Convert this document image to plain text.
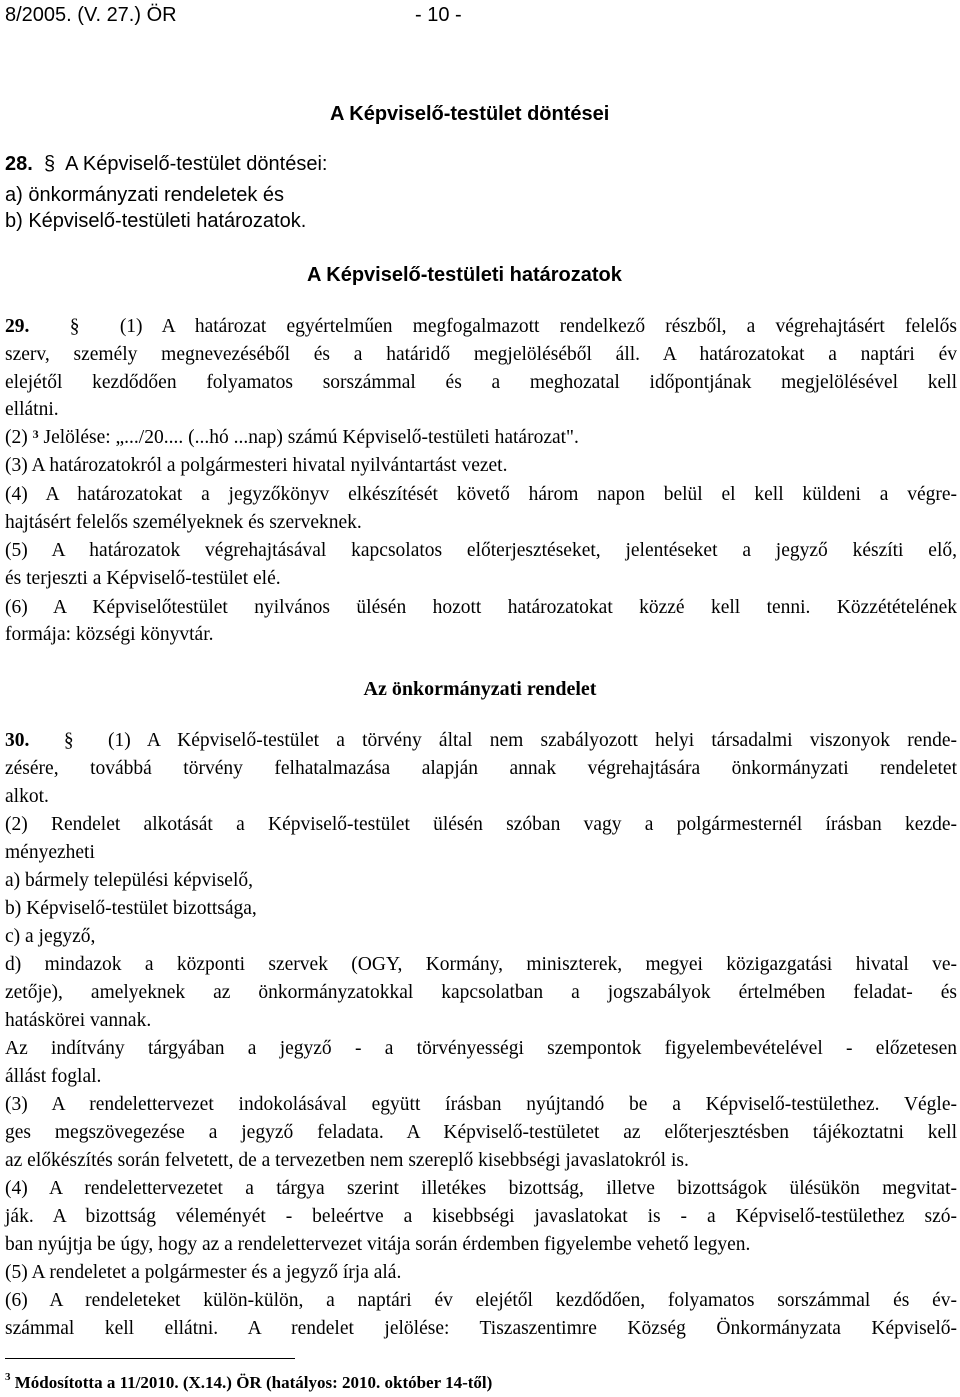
8/2005. (V. 27.) ÖR	- 10 -
A Képviselő-testület döntései
28. § A Képviselő-testület döntései:
a) önkormányzati rendeletek és
b) Képviselő-testületi határozatok.
A Képviselő-testületi határozatok
29. § (1) A határozat egyértelműen megfogalmazott rendelkező részből, a végrehajtásért felelős
szerv, személy megnevezéséből és a határidő megjelöléséből áll. A határozatokat a naptári év
elejétől kezdődően folyamatos sorszámmal és a meghozatal időpontjának megjelölésével kell
ellátni.
(2) $^3$ Jelölése: „.../20.... (...hó ...nap) számú Képviselő-testületi határozat".
(3) A határozatokról a polgármesteri hivatal nyilvántartást vezet.
(4) A határozatokat a jegyzőkönyv elkészítését követő három napon belül el kell küldeni a végre-
hajtásért felelős személyeknek és szerveknek.
(5) A határozatok végrehajtásával kapcsolatos előterjesztéseket, jelentéseket a jegyző készíti elő,
és terjeszti a Képviselő-testület elé.
(6) A Képviselőtestület nyilvános ülésén hozott határozatokat közzé kell tenni. Közzétételének
formája: községi könyvtár.
Az önkormányzati rendelet
30. § (1) A Képviselő-testület a törvény által nem szabályozott helyi társadalmi viszonyok rende-
zésére, továbbá törvény felhatalmazása alapján annak végrehajtására önkormányzati rendeletet
alkot.
(2) Rendelet alkotását a Képviselő-testület ülésén szóban vagy a polgármesternél írásban kezde-
ményezheti
a) bármely települési képviselő,
b) Képviselő-testület bizottsága,
c) a jegyző,
d) mindazok a központi szervek (OGY, Kormány, miniszterek, megyei közigazgatási hivatal ve-
zetője), amelyeknek az önkormányzatokkal kapcsolatban a jogszabályok értelmében feladat- és
hatáskörei vannak.
Az indítvány tárgyában a jegyző - a törvényességi szempontok figyelembevételével - előzetesen
állást foglal.
(3) A rendelettervezet indokolásával együtt írásban nyújtandó be a Képviselő-testülethez. Végle-
ges megszövegezése a jegyző feladata. A Képviselő-testületet az előterjesztésben tájékoztatni kell
az előkészítés során felvetett, de a tervezetben nem szereplő kisebbségi javaslatokról is.
(4) A rendelettervezetet a tárgya szerint illetékes bizottság, illetve bizottságok ülésükön megvitat-
ják. A bizottság véleményét - beleértve a kisebbségi javaslatokat is - a Képviselő-testülethez szó-
ban nyújtja be úgy, hogy az a rendelettervezet vitája során érdemben figyelembe vehető legyen.
(5) A rendeletet a polgármester és a jegyző írja alá.
(6) A rendeleteket külön-külön, a naptári év elejétől kezdődően, folyamatos sorszámmal és év-
számmal kell ellátni. A rendelet jelölése: Tiszaszentimre Község Önkormányzata Képviselő-
$^3$ Módosította a 11/2010. (X.14.) ÖR (hatályos: 2010. október 14-től)
